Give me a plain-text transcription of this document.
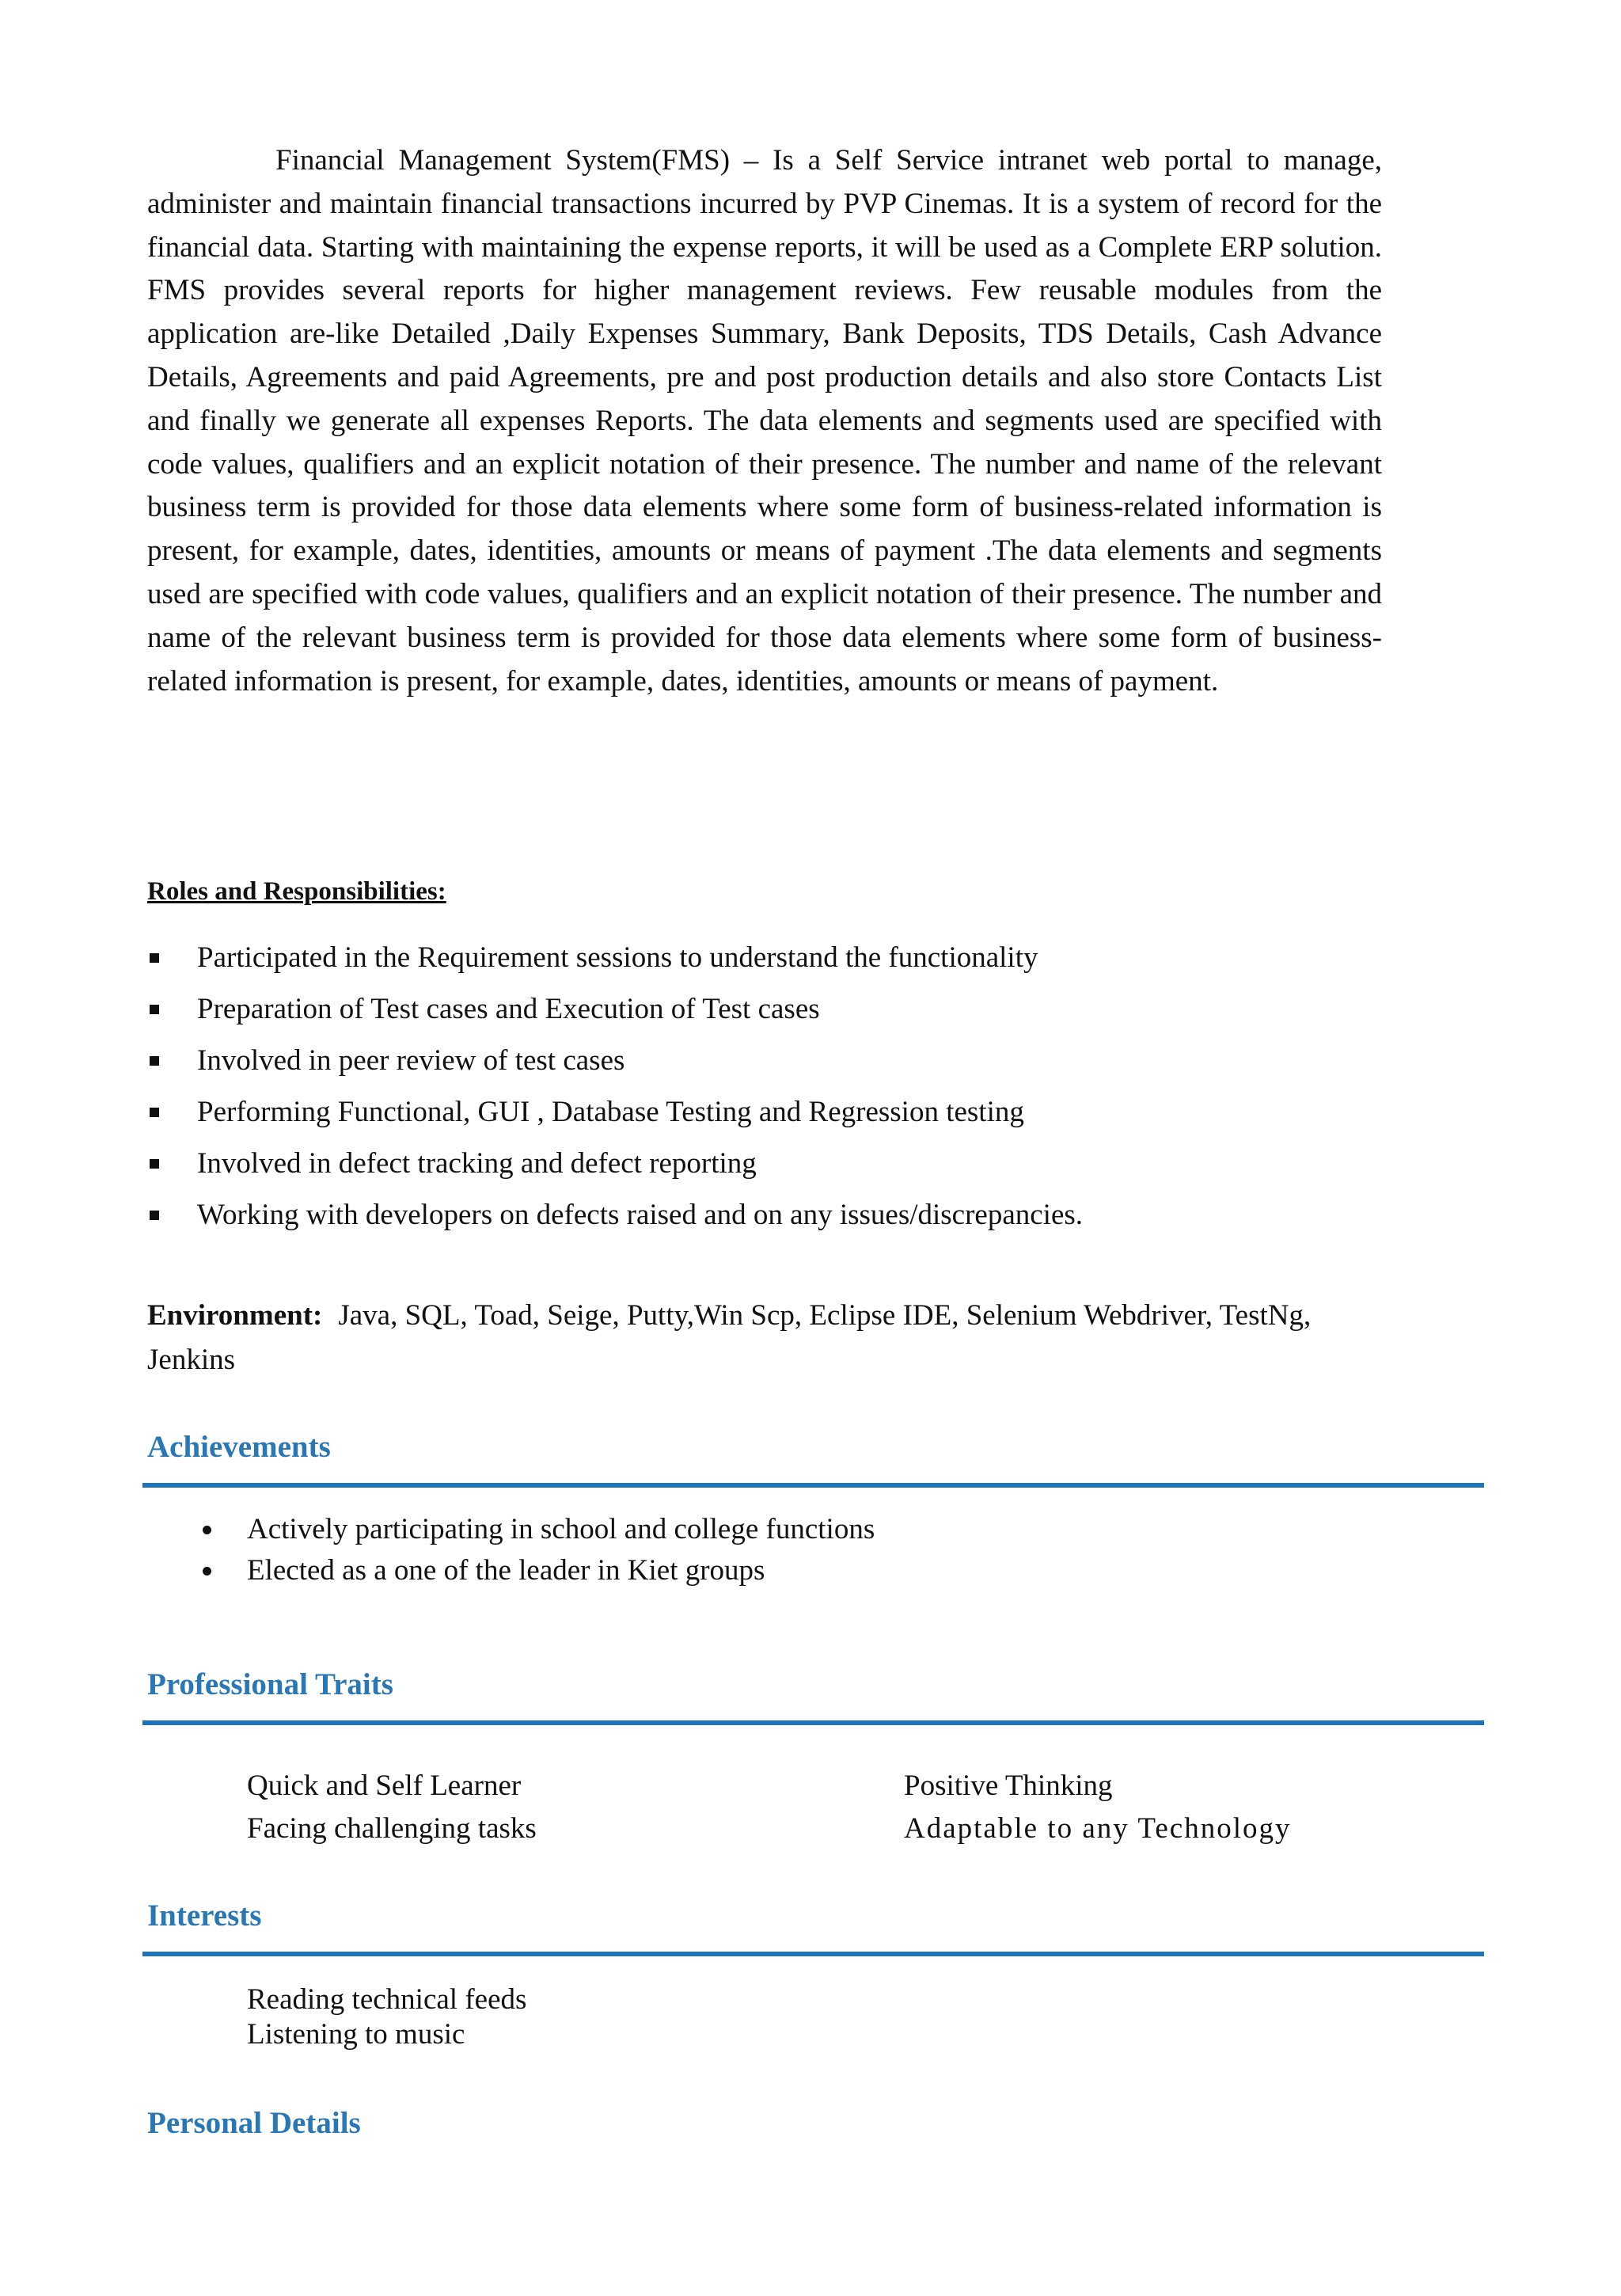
Financial Management System(FMS) – Is a Self Service intranet web portal to manage, administer and maintain financial transactions incurred by PVP Cinemas. It is a system of record for the financial data. Starting with maintaining the expense reports, it will be used as a Complete ERP solution. FMS provides several reports for higher management reviews. Few reusable modules from the application are-like Detailed ,Daily Expenses Summary, Bank Deposits, TDS Details, Cash Advance Details, Agreements and paid Agreements, pre and post production details and also store Contacts List and finally we generate all expenses Reports. The data elements and segments used are specified with code values, qualifiers and an explicit notation of their presence. The number and name of the relevant business term is provided for those data elements where some form of business-related information is present, for example, dates, identities, amounts or means of payment .The data elements and segments used are specified with code values, qualifiers and an explicit notation of their presence. The number and name of the relevant business term is provided for those data elements where some form of business-related information is present, for example, dates, identities, amounts or means of payment.

Roles and Responsibilities:
Participated in the Requirement sessions to understand the functionality
Preparation of Test cases and Execution of Test cases
Involved in peer review of test cases
Performing Functional, GUI , Database Testing and Regression testing
Involved in defect tracking and defect reporting
Working with developers on defects raised and on any issues/discrepancies.

Environment: Java, SQL, Toad, Seige, Putty,Win Scp, Eclipse IDE, Selenium Webdriver, TestNg, Jenkins

Achievements
Actively participating in school and college functions
Elected as a one of the leader in Kiet groups
Professional Traits
Quick and Self Learner
Facing challenging tasks
Positive Thinking
Adaptable to any Technology
Interests
Reading technical feeds
Listening to music
Personal Details
